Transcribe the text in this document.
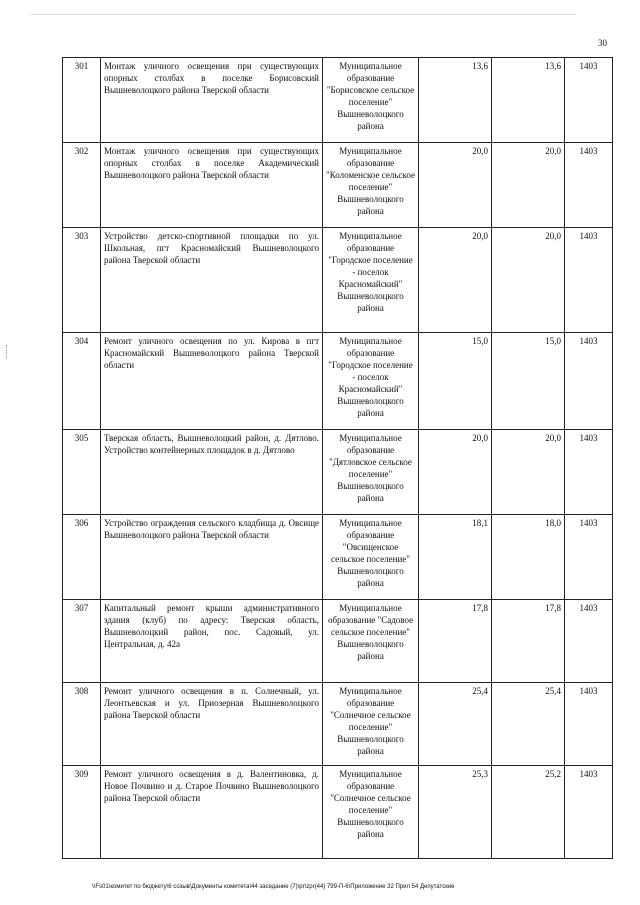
30
301	Монтаж уличного освещения при существующих опорных столбах в поселке Борисовский Вышневолоцкого района Тверской области	Муниципальное образование "Борисовское сельское поселение" Вышневолоцкого района	13,6	13,6	1403
302	Монтаж уличного освещения при существующих опорных столбах в поселке Академический Вышневолоцкого района Тверской области	Муниципальное образование "Коломенское сельское поселение" Вышневолоцкого района	20,0	20,0	1403
303	Устройство детско-спортивной площадки по ул. Школьная, пгт Красномайский Вышневолоцкого района Тверской области	Муниципальное образование "Городское поселение - поселок Красномайский" Вышневолоцкого района	20,0	20,0	1403
304	Ремонт уличного освещения по ул. Кирова в пгт Красномайский Вышневолоцкого района Тверской области	Муниципальное образование "Городское поселение - поселок Красномайский" Вышневолоцкого района	15,0	15,0	1403
305	Тверская область, Вышневолоцкий район, д. Дятлово. Устройство контейнерных площадок в д. Дятлово	Муниципальное образование "Дятловское сельское поселение" Вышневолоцкого района	20,0	20,0	1403
306	Устройство ограждения сельского кладбища д. Овсище Вышневолоцкого района Тверской области	Муниципальное образование "Овсищенское сельское поселение" Вышневолоцкого района	18,1	18,0	1403
307	Капитальный ремонт крыши административного здания (клуб) по адресу: Тверская область, Вышневолоцкий район, пос. Садовый, ул. Центральная, д. 42а	Муниципальное образование "Садовое сельское поселение" Вышневолоцкого района	17,8	17,8	1403
308	Ремонт уличного освещения в п. Солнечный, ул. Леонтьевская и ул. Приозерная Вышневолоцкого района Тверской области	Муниципальное образование "Солнечное сельское поселение" Вышневолоцкого района	25,4	25,4	1403
309	Ремонт уличного освещения в д. Валентиновка, д. Новое Почвино и д. Старое Почвино Вышневолоцкого района Тверской области	Муниципальное образование "Солнечное сельское поселение" Вышневолоцкого района	25,3	25,2	1403
\\Fs01\комитет по бюджету\6 созыв\Документы комитета\44 заседание (7)\pr\zpr(44) 799-П-6\Приложение 32 Прил 54 Депутатские
